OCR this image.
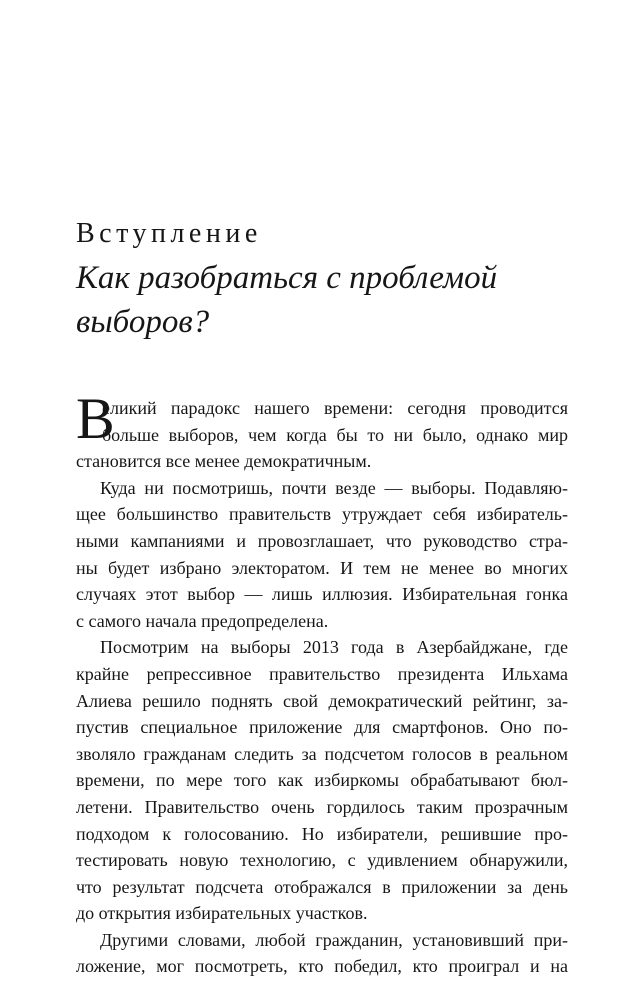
Вступление
Как разобраться с проблемой
выборов?
В
еликий парадокс нашего времени: сегодня проводится
больше выборов, чем когда бы то ни было, однако мир
становится все менее демократичным.
Куда ни посмотришь, почти везде — выборы. Подавляю-
щее большинство правительств утруждает себя избиратель-
ными кампаниями и провозглашает, что руководство стра-
ны будет избрано электоратом. И тем не менее во многих
случаях этот выбор — лишь иллюзия. Избирательная гонка
с самого начала предопределена.
Посмотрим на выборы 2013 года в Азербайджане, где
крайне репрессивное правительство президента Ильхама
Алиева решило поднять свой демократический рейтинг, за-
пустив специальное приложение для смартфонов. Оно по-
зволяло гражданам следить за подсчетом голосов в реальном
времени, по мере того как избиркомы обрабатывают бюл-
летени. Правительство очень гордилось таким прозрачным
подходом к голосованию. Но избиратели, решившие про-
тестировать новую технологию, с удивлением обнаружили,
что результат подсчета отображался в приложении за день
до открытия избирательных участков.
Другими словами, любой гражданин, установивший при-
ложение, мог посмотреть, кто победил, кто проиграл и на
